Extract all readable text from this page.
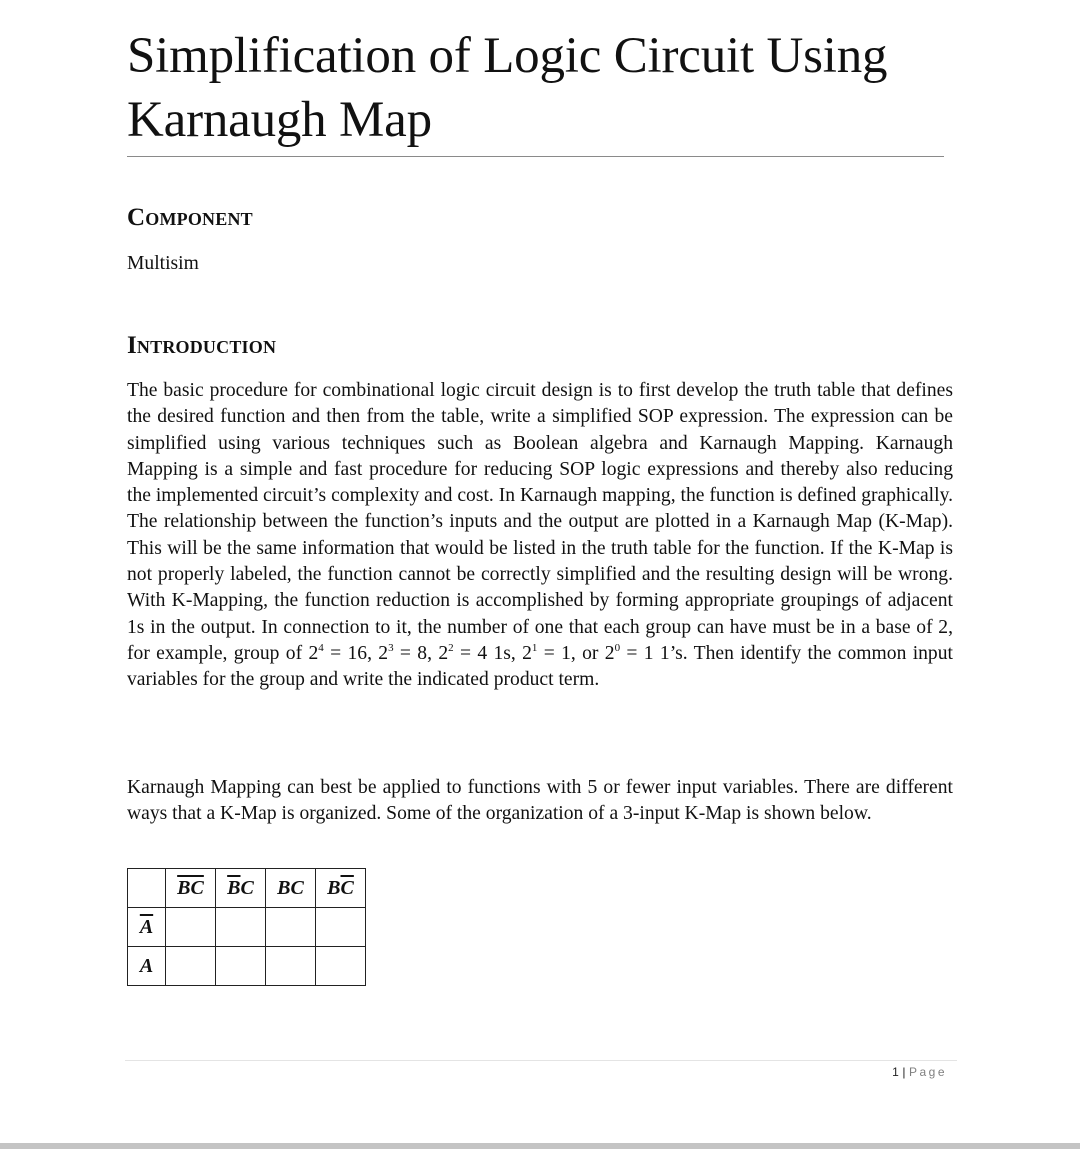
Simplification of Logic Circuit Using Karnaugh Map
Component

Multisim

Introduction

The basic procedure for combinational logic circuit design is to first develop the truth table that defines the desired function and then from the table, write a simplified SOP expression. The expression can be simplified using various techniques such as Boolean algebra and Karnaugh Mapping. Karnaugh Mapping is a simple and fast procedure for reducing SOP logic expressions and thereby also reducing the implemented circuit’s complexity and cost. In Karnaugh mapping, the function is defined graphically. The relationship between the function’s inputs and the output are plotted in a Karnaugh Map (K-Map). This will be the same information that would be listed in the truth table for the function. If the K-Map is not properly labeled, the function cannot be correctly simplified and the resulting design will be wrong. With K-Mapping, the function reduction is accomplished by forming appropriate groupings of adjacent 1s in the output. In connection to it, the number of one that each group can have must be in a base of 2, for example, group of $2^4 = 16$, $2^3 = 8$, $2^2 = 4$ 1s, $2^1 = 1$, or $2^0 = 1$ 1’s. Then identify the common input variables for the group and write the indicated product term.

Karnaugh Mapping can best be applied to functions with 5 or fewer input variables. There are different ways that a K-Map is organized. Some of the organization of a 3-input K-Map is shown below.

	$\overline{B}\overline{C}$	$\overline{B}C$	BC	$B\overline{C}$
$\overline{A}$				
A				
1 | Page
